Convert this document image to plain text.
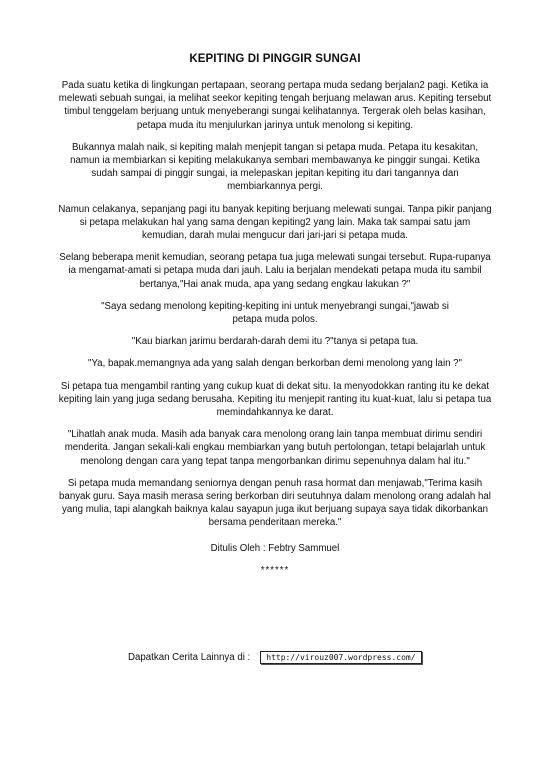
KEPITING DI PINGGIR SUNGAI

Pada suatu ketika di lingkungan pertapaan, seorang pertapa muda sedang berjalan2 pagi. Ketika ia melewati sebuah sungai, ia melihat seekor kepiting tengah berjuang melawan arus. Kepiting tersebut timbul tenggelam berjuang untuk menyeberangi sungai kelihatannya. Tergerak oleh belas kasihan, petapa muda itu menjulurkan jarinya untuk menolong si kepiting.

Bukannya malah naik, si kepiting malah menjepit tangan si petapa muda. Petapa itu kesakitan, namun ia membiarkan si kepiting melakukanya sembari membawanya ke pinggir sungai. Ketika sudah sampai di pinggir sungai, ia melepaskan jepitan kepiting itu dari tangannya dan membiarkannya pergi.

Namun celakanya, sepanjang pagi itu banyak kepiting berjuang melewati sungai. Tanpa pikir panjang si petapa melakukan hal yang sama dengan kepiting2 yang lain. Maka tak sampai satu jam kemudian, darah mulai mengucur dari jari-jari si petapa muda.

Selang beberapa menit kemudian, seorang petapa tua juga melewati sungai tersebut. Rupa-rupanya ia mengamat-amati si petapa muda dari jauh. Lalu ia berjalan mendekati petapa muda itu sambil bertanya,"Hai anak muda, apa yang sedang engkau lakukan ?"

"Saya sedang menolong kepiting-kepiting ini untuk menyebrangi sungai,"jawab si petapa muda polos.

"Kau biarkan jarimu berdarah-darah demi itu ?"tanya si petapa tua.

"Ya, bapak.memangnya ada yang salah dengan berkorban demi menolong yang lain ?"

Si petapa tua mengambil ranting yang cukup kuat di dekat situ. Ia menyodokkan ranting itu ke dekat kepiting lain yang juga sedang berusaha. Kepiting itu menjepit ranting itu kuat-kuat, lalu si petapa tua memindahkannya ke darat.

"Lihatlah anak muda. Masih ada banyak cara menolong orang lain tanpa membuat dirimu sendiri menderita. Jangan sekali-kali engkau membiarkan yang butuh pertolongan, tetapi belajarlah untuk menolong dengan cara yang tepat tanpa mengorbankan dirimu sepenuhnya dalam hal itu."

Si petapa muda memandang seniornya dengan penuh rasa hormat dan menjawab,"Terima kasih banyak guru. Saya masih merasa sering berkorban diri seutuhnya dalam menolong orang adalah hal yang mulia, tapi alangkah baiknya kalau sayapun juga ikut berjuang supaya saya tidak dikorbankan bersama penderitaan mereka."

Ditulis Oleh : Febtry Sammuel

******

Dapatkan Cerita Lainnya di :	http://virouz007.wordpress.com/
